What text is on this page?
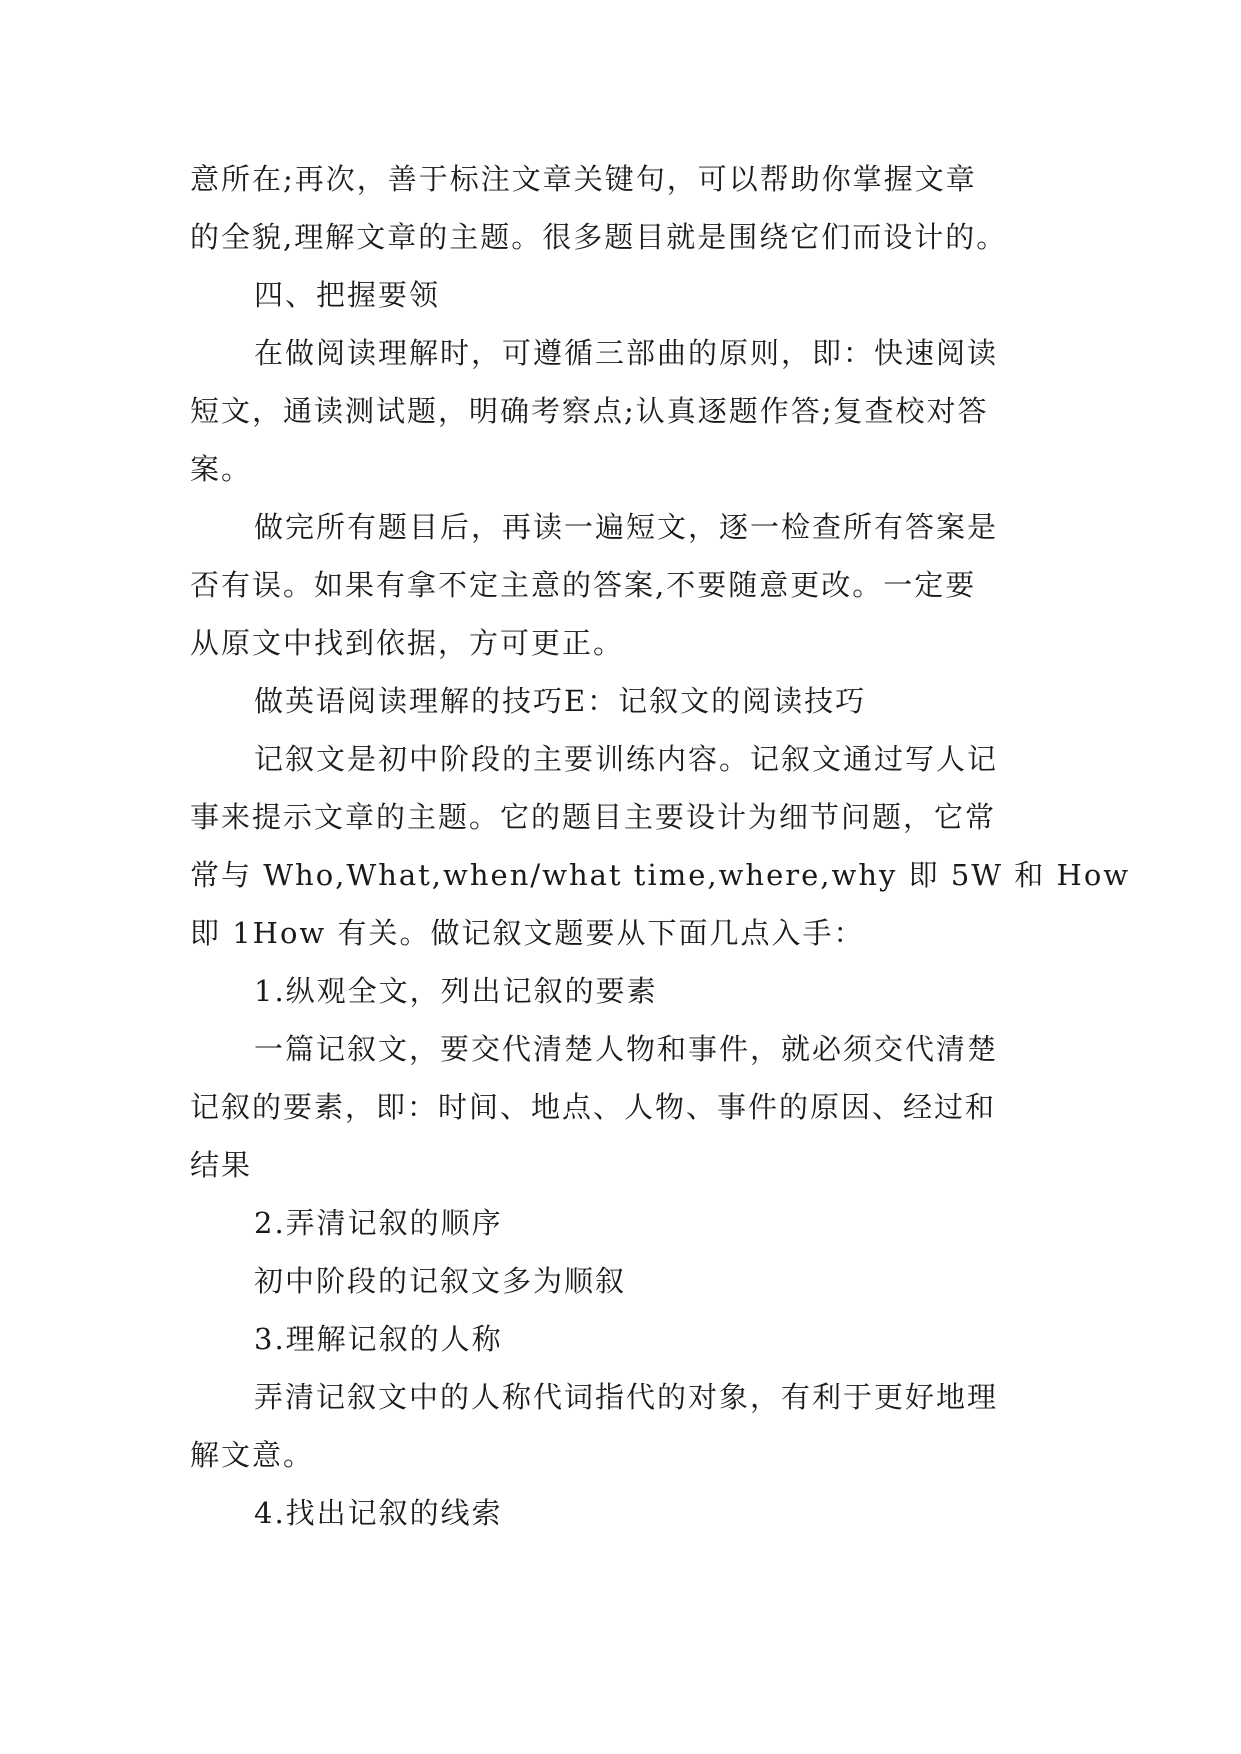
意所在;再次，善于标注文章关键句，可以帮助你掌握文章

的全貌,理解文章的主题。很多题目就是围绕它们而设计的。

四、把握要领

在做阅读理解时，可遵循三部曲的原则，即：快速阅读

短文，通读测试题，明确考察点;认真逐题作答;复查校对答

案。

做完所有题目后，再读一遍短文，逐一检查所有答案是

否有误。如果有拿不定主意的答案,不要随意更改。一定要

从原文中找到依据，方可更正。

做英语阅读理解的技巧E：记叙文的阅读技巧

记叙文是初中阶段的主要训练内容。记叙文通过写人记

事来提示文章的主题。它的题目主要设计为细节问题，它常

常与 Who,What,when/what time,where,why 即 5W 和 How

即 1How 有关。做记叙文题要从下面几点入手：

1.纵观全文，列出记叙的要素

一篇记叙文，要交代清楚人物和事件，就必须交代清楚

记叙的要素，即：时间、地点、人物、事件的原因、经过和

结果

2.弄清记叙的顺序

初中阶段的记叙文多为顺叙

3.理解记叙的人称

弄清记叙文中的人称代词指代的对象，有利于更好地理

解文意。

4.找出记叙的线索
